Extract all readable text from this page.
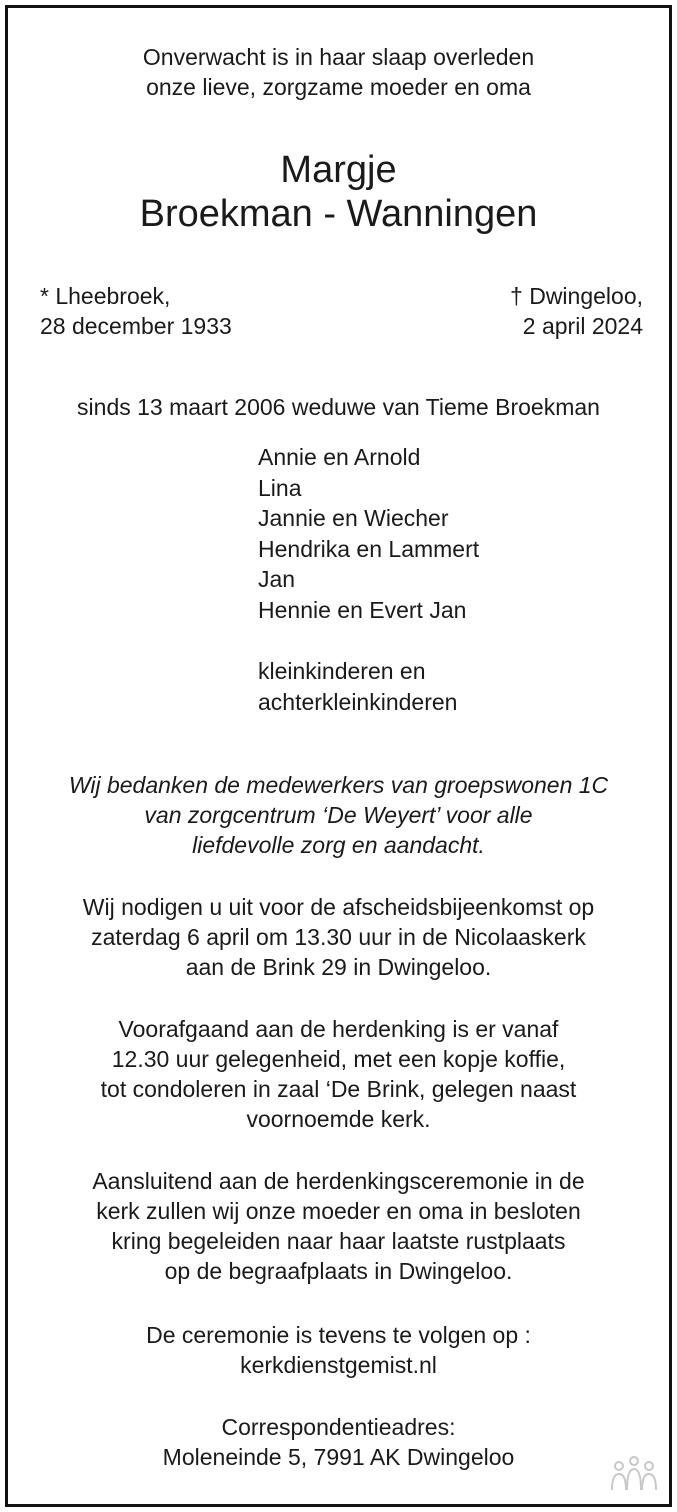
Onverwacht is in haar slaap overleden
onze lieve, zorgzame moeder en oma
Margje
Broekman - Wanningen
* Lheebroek,
28 december 1933
† Dwingeloo,
2 april 2024
sinds 13 maart 2006 weduwe van Tieme Broekman
Annie en Arnold
Lina
Jannie en Wiecher
Hendrika en Lammert
Jan
Hennie en Evert Jan
kleinkinderen en
achterkleinkinderen
Wij bedanken de medewerkers van groepswonen 1C
van zorgcentrum ‘De Weyert’ voor alle
liefdevolle zorg en aandacht.
Wij nodigen u uit voor de afscheidsbijeenkomst op
zaterdag 6 april om 13.30 uur in de Nicolaaskerk
aan de Brink 29 in Dwingeloo.
Voorafgaand aan de herdenking is er vanaf
12.30 uur gelegenheid, met een kopje koffie,
tot condoleren in zaal ‘De Brink, gelegen naast
voornoemde kerk.
Aansluitend aan de herdenkingsceremonie in de
kerk zullen wij onze moeder en oma in besloten
kring begeleiden naar haar laatste rustplaats
op de begraafplaats in Dwingeloo.
De ceremonie is tevens te volgen op :
kerkdienstgemist.nl
Correspondentieadres:
Moleneinde 5, 7991 AK Dwingeloo
